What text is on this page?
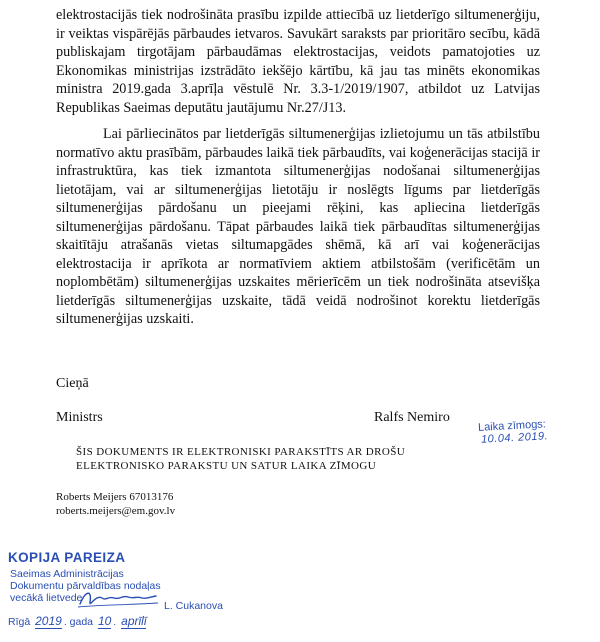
elektrostacijās tiek nodrošināta prasību izpilde attiecībā uz lietderīgo siltumenerģiju, ir veiktas vispārējās pārbaudes ietvaros. Savukārt saraksts par prioritāro secību, kādā publiskajam tirgotājam pārbaudāmas elektrostacijas, veidots pamatojoties uz Ekonomikas ministrijas izstrādāto iekšējo kārtību, kā jau tas minēts ekonomikas ministra 2019.gada 3.aprīļa vēstulē Nr. 3.3-1/2019/1907, atbildot uz Latvijas Republikas Saeimas deputātu jautājumu Nr.27/J13.

Lai pārliecinātos par lietderīgās siltumenerģijas izlietojumu un tās atbilstību normatīvo aktu prasībām, pārbaudes laikā tiek pārbaudīts, vai koģenerācijas stacijā ir infrastruktūra, kas tiek izmantota siltumenerģijas nodošanai siltumenerģijas lietotājam, vai ar siltumenerģijas lietotāju ir noslēgts līgums par lietderīgās siltumenerģijas pārdošanu un pieejami rēķini, kas apliecina lietderīgās siltumenerģijas pārdošanu. Tāpat pārbaudes laikā tiek pārbaudītas siltumenerģijas skaitītāju atrašanās vietas siltumapgādes shēmā, kā arī vai koģenerācijas elektrostacija ir aprīkota ar normatīviem aktiem atbilstošām (verificētām un noplombētām) siltumenerģijas uzskaites mērierīcēm un tiek nodrošināta atsevišķa lietderīgās siltumenerģijas uzskaite, tādā veidā nodrošinot korektu lietderīgās siltumenerģijas uzskaiti.

Cieņā

Ministrs	Ralfs Nemiro
Laika zīmogs:
10.04. 2019.
ŠIS DOKUMENTS IR ELEKTRONISKI PARAKSTĪTS AR DROŠU ELEKTRONISKO PARAKSTU UN SATUR LAIKA ZĪMOGU
Roberts Meijers 67013176
roberts.meijers@em.gov.lv
KOPIJA PAREIZA
Saeimas Administrācijas
Dokumentu pārvaldības nodaļas
vecākā lietvede
L. Cukanova
Rīgā 2019 . gada 10 . aprīlī
